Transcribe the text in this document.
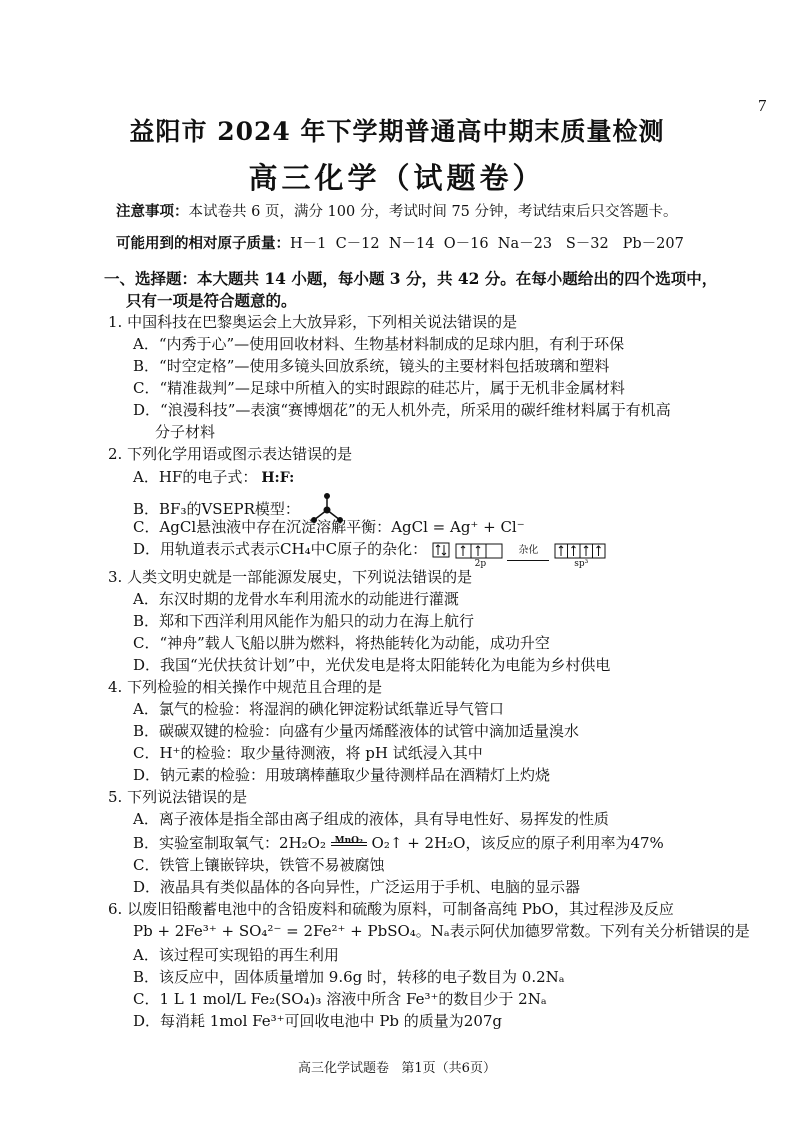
7
益阳市 2024 年下学期普通高中期末质量检测
高三化学（试题卷）
注意事项：本试卷共 6 页，满分 100 分，考试时间 75 分钟，考试结束后只交答题卡。
可能用到的相对原子质量：H－1  C－12  N－14  O－16  Na－23   S－32   Pb－207
一、选择题：本大题共 14 小题，每小题 3 分，共 42 分。在每小题给出的四个选项中，
只有一项是符合题意的。
1. 中国科技在巴黎奥运会上大放异彩，下列相关说法错误的是
A．“内秀于心”—使用回收材料、生物基材料制成的足球内胆，有利于环保
B．“时空定格”—使用多镜头回放系统，镜头的主要材料包括玻璃和塑料
C．“精准裁判”—足球中所植入的实时跟踪的硅芯片，属于无机非金属材料
D．“浪漫科技”—表演“赛博烟花”的无人机外壳，所采用的碳纤维材料属于有机高
分子材料
2. 下列化学用语或图示表达错误的是
A．HF的电子式： H:F:
B．BF₃的VSEPR模型：
C．AgCl悬浊液中存在沉淀溶解平衡：AgCl = Ag⁺ + Cl⁻
D．用轨道表示式表示CH₄中C原子的杂化：
2p
杂化

sp³
3. 人类文明史就是一部能源发展史，下列说法错误的是
A．东汉时期的龙骨水车利用流水的动能进行灌溉
B．郑和下西洋利用风能作为船只的动力在海上航行
C．“神舟”载人飞船以肼为燃料，将热能转化为动能，成功升空
D．我国“光伏扶贫计划”中，光伏发电是将太阳能转化为电能为乡村供电
4. 下列检验的相关操作中规范且合理的是
A．氯气的检验：将湿润的碘化钾淀粉试纸靠近导气管口
B．碳碳双键的检验：向盛有少量丙烯醛液体的试管中滴加适量溴水
C．H⁺的检验：取少量待测液，将 pH 试纸浸入其中
D．钠元素的检验：用玻璃棒蘸取少量待测样品在酒精灯上灼烧
5. 下列说法错误的是
A．离子液体是指全部由离子组成的液体，具有导电性好、易挥发的性质
B．实验室制取氧气：2H₂O₂ MnO₂ O₂↑ + 2H₂O，该反应的原子利用率为47%
C．铁管上镶嵌锌块，铁管不易被腐蚀
D．液晶具有类似晶体的各向异性，广泛运用于手机、电脑的显示器
6. 以废旧铅酸蓄电池中的含铅废料和硫酸为原料，可制备高纯 PbO，其过程涉及反应
Pb + 2Fe³⁺ + SO₄²⁻ = 2Fe²⁺ + PbSO₄。Nₐ表示阿伏加德罗常数。下列有关分析错误的是
A．该过程可实现铅的再生利用
B．该反应中，固体质量增加 9.6g 时，转移的电子数目为 0.2Nₐ
C．1 L 1 mol/L Fe₂(SO₄)₃ 溶液中所含 Fe³⁺的数目少于 2Nₐ
D．每消耗 1mol Fe³⁺可回收电池中 Pb 的质量为207g
高三化学试题卷   第1页（共6页）
